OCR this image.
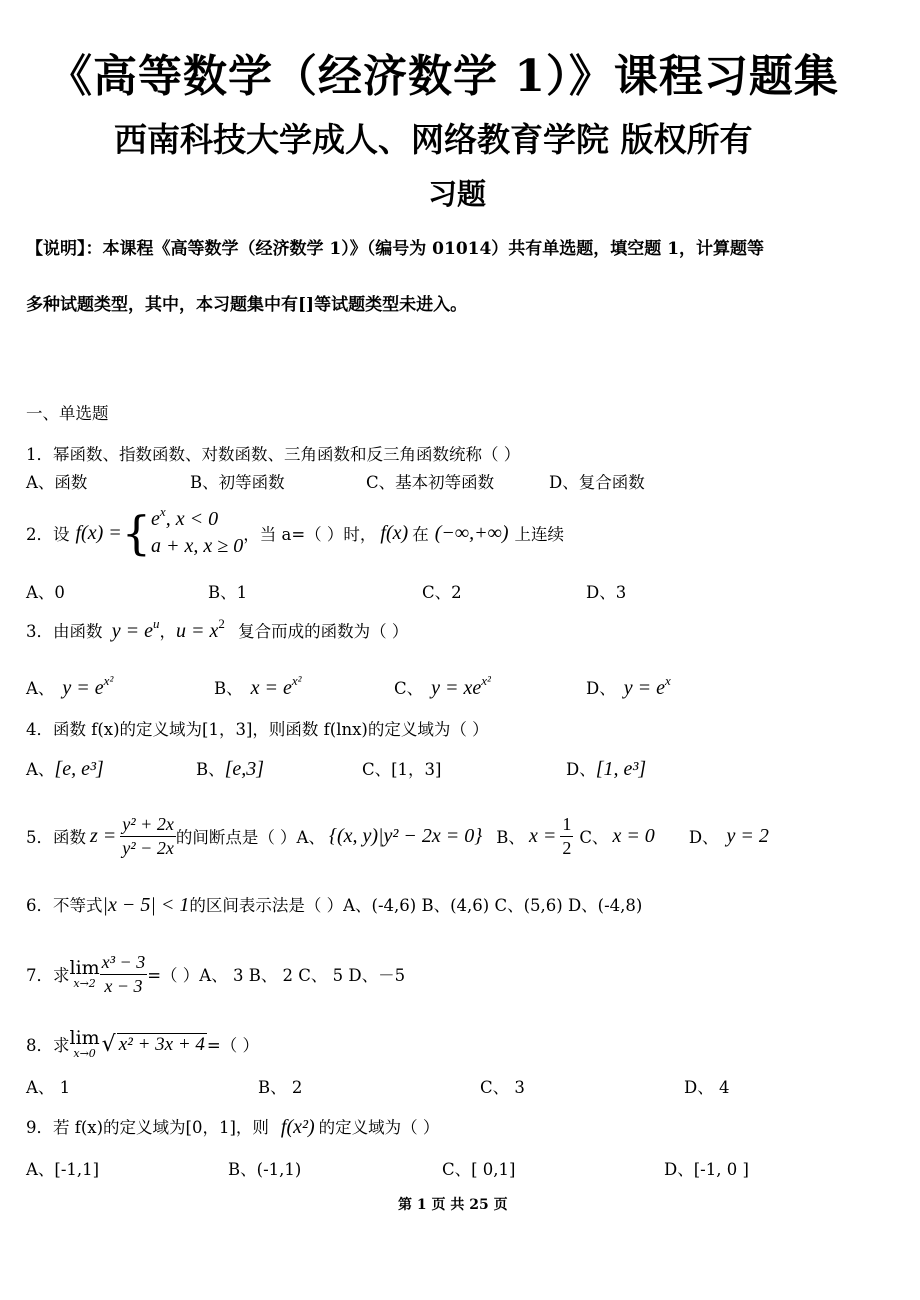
《高等数学（经济数学 1）》课程习题集
西南科技大学成人、网络教育学院 版权所有
习题
【说明】：本课程《高等数学（经济数学 1）》（编号为 01014）共有单选题，填空题 1，计算题等
多种试题类型，其中，本习题集中有[]等试题类型未进入。
一、单选题
1．幂函数、指数函数、对数函数、三角函数和反三角函数统称（ ）
A、函数	B、初等函数	C、基本初等函数	D、复合函数
2． 设 f(x) = { $e^x$, x < 0
a + x, x ≥ 0
，当 a=（ ）时， f(x) 在 (−∞,+∞) 上连续
A、0	B、1	C、2	D、3
3．由函数 $y = e^u$，$u = x^2$ 复合而成的函数为（ ）
A、 $y = e^{x^2}$	B、 $x = e^{x^2}$	C、 $y = xe^{x^2}$	D、 $y = e^x$
4．函数 f(x)的定义域为[1，3]，则函数 f(lnx)的定义域为（ ）
A、[e, e³]	B、[e,3]	C、[1，3]	D、[1, e³]
5． 函数 $z = \frac{\text{y² + 2x}}{\text{y² − 2x}}$ 的间断点是（ ）A、 {(x, y)|y² − 2x = 0} B、 $x = \frac{1}{2}$ C、 x = 0 D、 y = 2
6．不等式|x − 5| < 1的区间表示法是（ ）A、(-4,6) B、(4,6) C、(5,6) D、(-4,8)
7． 求 lim
$x\to 2 \frac{\text{x³ − 3}}{x - 3}$ =（ ）A、 3 B、 2 C、 5 D、－5
8． 求 lim
x→0 √ x² + 3x + 4 =（ ）
A、 1	B、 2	C、 3	D、 4
9．若 f(x)的定义域为[0，1]，则 f(x²) 的定义域为（ ）
A、[-1,1]	B、(-1,1)	C、[ 0,1]	D、[-1, 0 ]
第 1 页 共 25 页
